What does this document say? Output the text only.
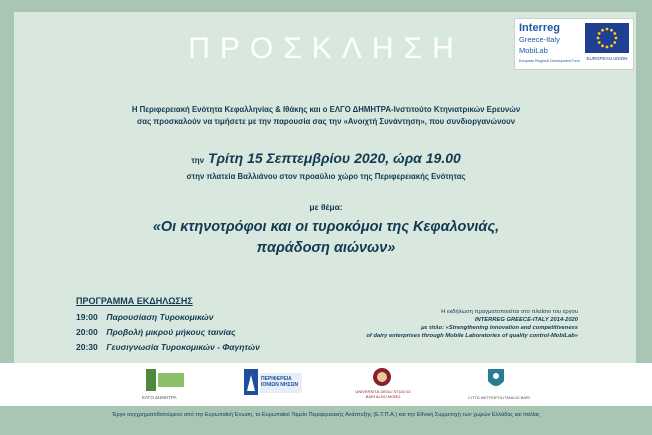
ΠΡΟΣΚΛΗΣΗ
Interreg
Greece-Italy
MobiLab
European Regional Development Fund	EUROPEAN UNION
Η Περιφερειακή Ενότητα Κεφαλληνίας & Ιθάκης και ο ΕΛΓΟ ΔΗΜΗΤΡΑ-Ινστιτούτο Κτηνιατρικών Ερευνών
σας προσκαλούν να τιμήσετε με την παρουσία σας την «Ανοιχτή Συνάντηση», που συνδιοργανώνουν
την Τρίτη 15 Σεπτεμβρίου 2020, ώρα 19.00
στην πλατεία Βαλλιάνου στον προαύλιο χώρο της Περιφερειακής Ενότητας
με θέμα:
«Οι κτηνοτρόφοι και οι τυροκόμοι της Κεφαλονιάς,
παράδοση αιώνων»
ΠΡΟΓΡΑΜΜΑ ΕΚΔΗΛΩΣΗΣ
19:00 Παρουσίαση Τυροκομικών
20:00 Προβολή μικρού μήκους ταινίας
20:30 Γευσιγνωσία Τυροκομικών - Φαγητών
Η εκδήλωση πραγματοποιείται στο πλαίσιο του έργου
INTERREG GREECE-ITALY 2014-2020
με τίτλο: «Strengthening innovation and competitiveness
of dairy enterprises through Mobile Laboratories of quality control-MobiLab»
ΕΛΓΟ ΔΗΜΗΤΡΑ
ΠΕΡΙΦΕΡΕΙΑ ΙΟΝΙΩΝ ΝΗΣΩΝ
UNIVERSITÀ DEGLI STUDI DI BARI ALDO MORO	CITTÀ METROPOLITANA DI BARI
Έργο συγχρηματοδοτούμενο από την Ευρωπαϊκή Ένωση, το Ευρωπαϊκό Ταμείο Περιφερειακής Ανάπτυξης (Ε.Τ.Π.Α.) και την Εθνική Συμμετοχή των χωρών Ελλάδας και Ιταλίας
